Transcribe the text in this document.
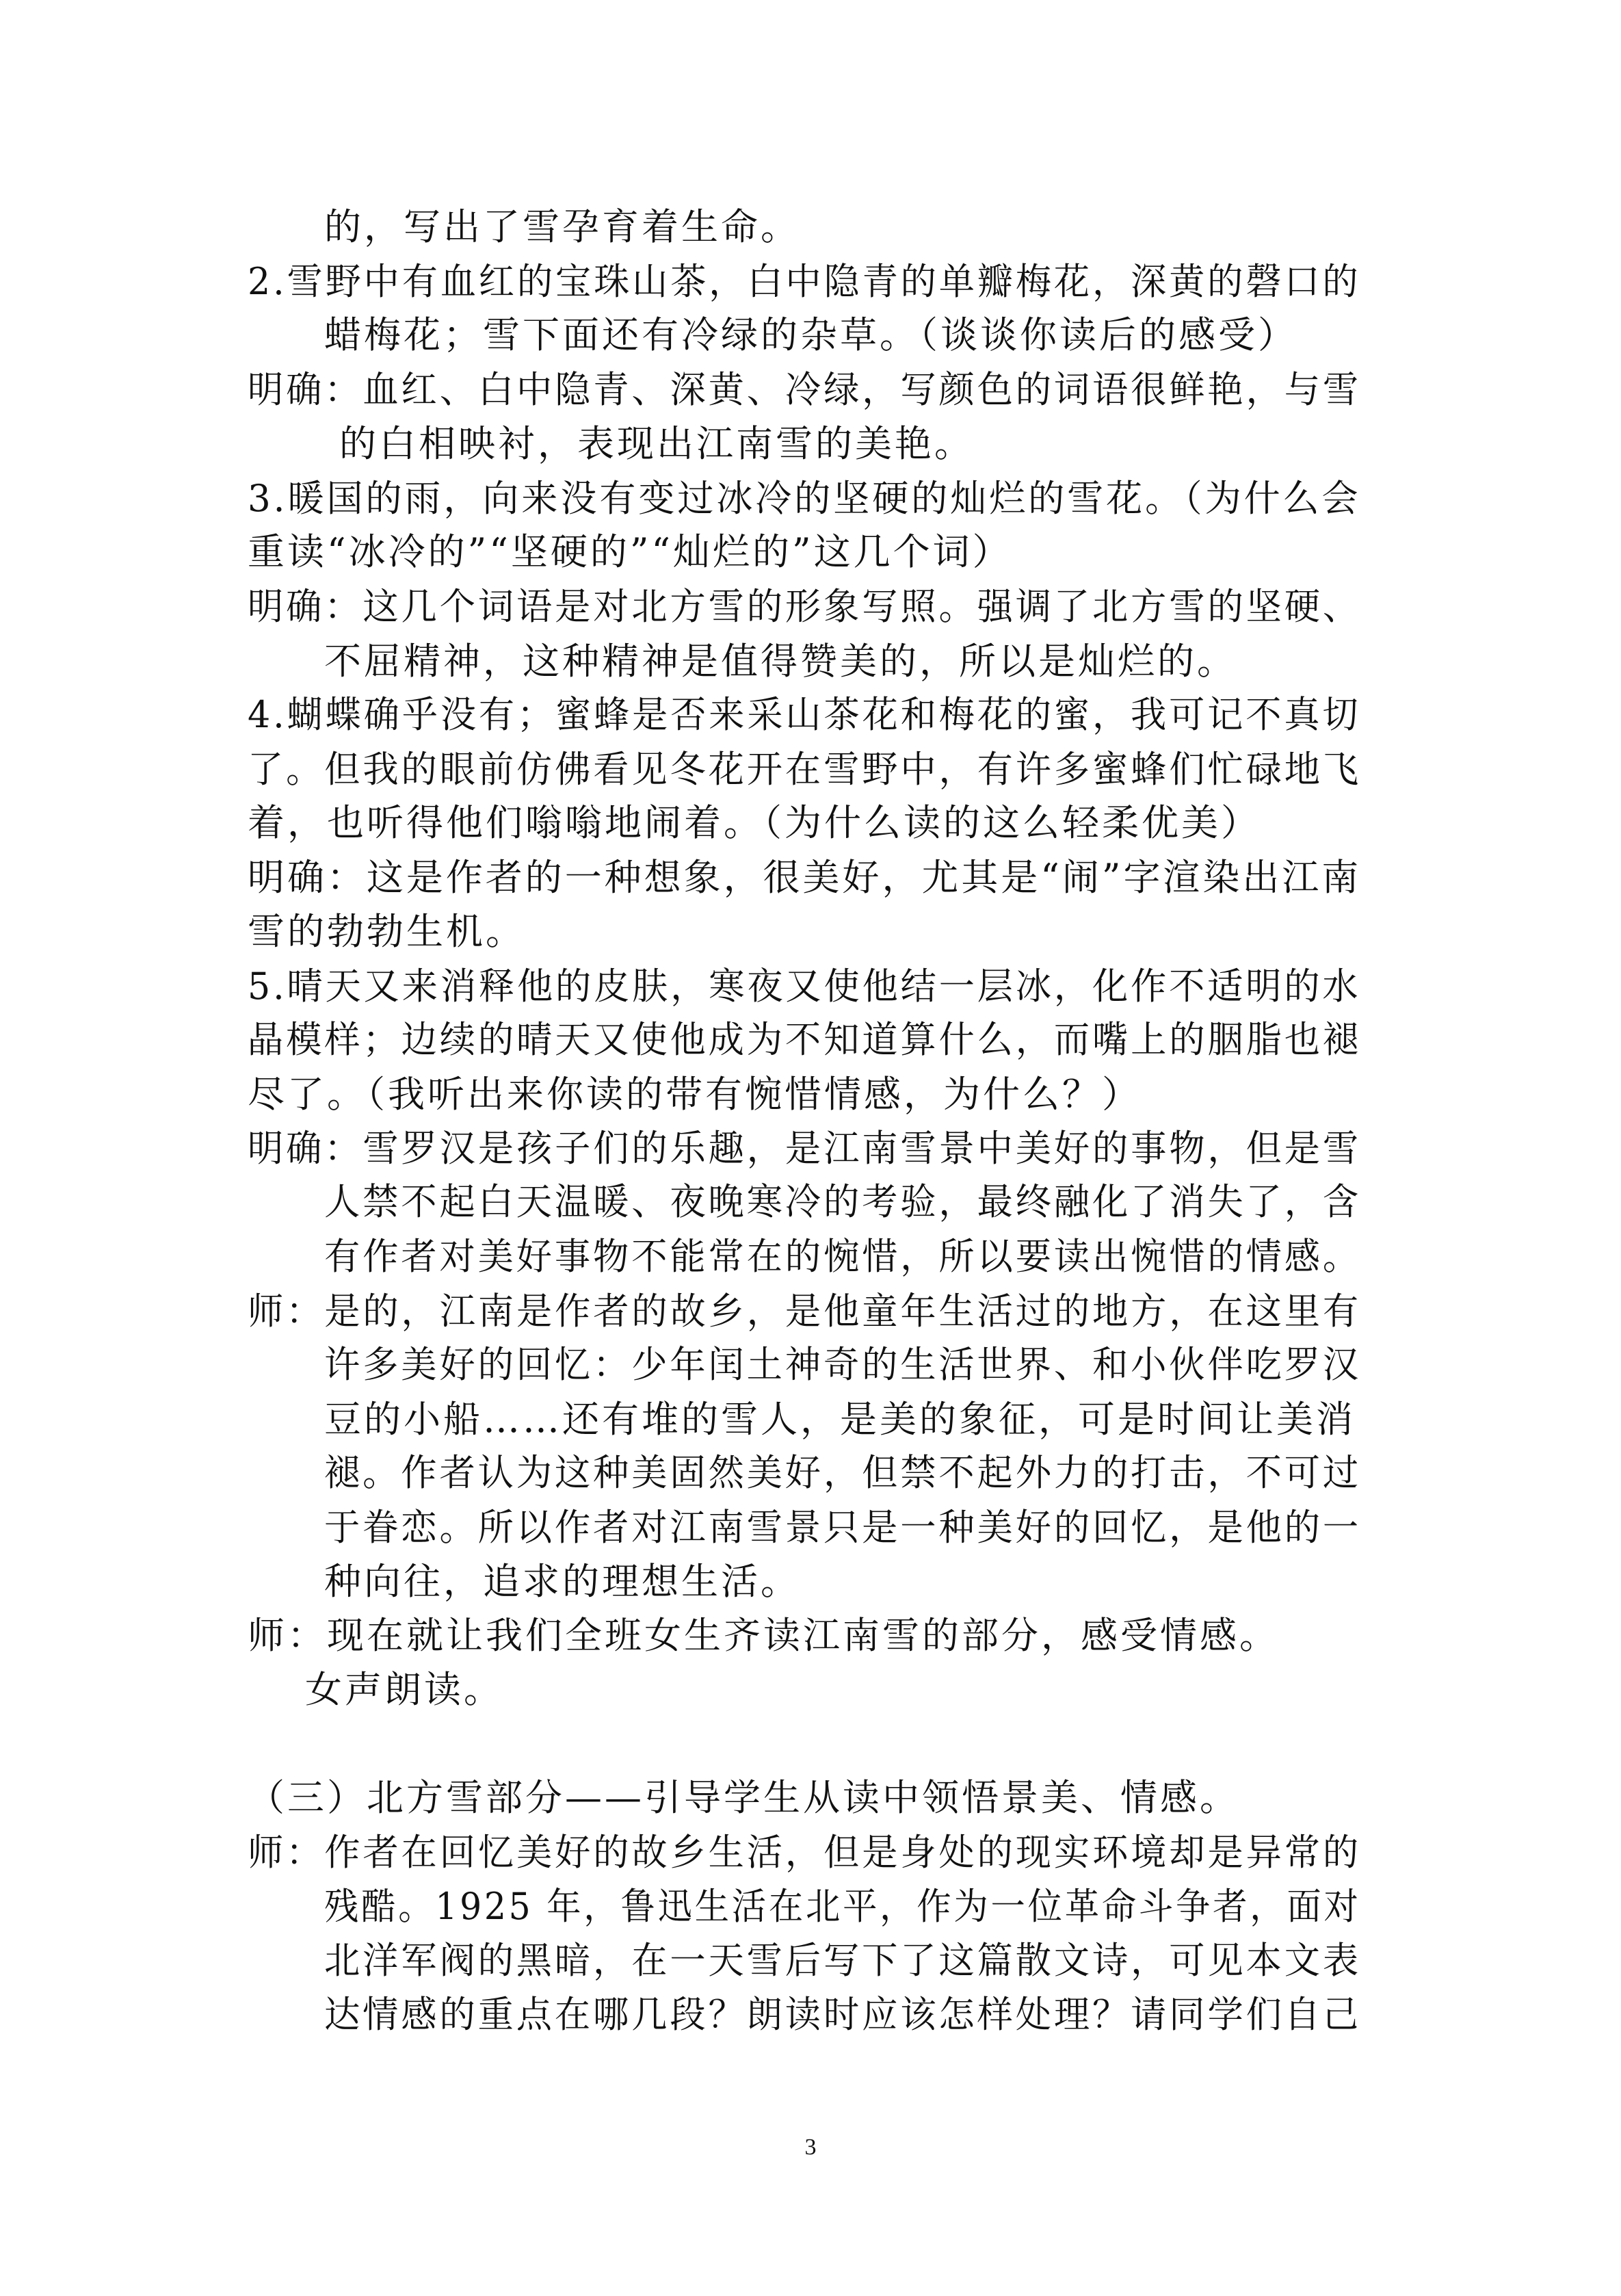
的，写出了雪孕育着生命。
2.雪野中有血红的宝珠山茶，白中隐青的单瓣梅花，深黄的磬口的
蜡梅花；雪下面还有冷绿的杂草。（谈谈你读后的感受）
明确：血红、白中隐青、深黄、冷绿，写颜色的词语很鲜艳，与雪
的白相映衬，表现出江南雪的美艳。
3.暖国的雨，向来没有变过冰冷的坚硬的灿烂的雪花。（为什么会
重读“冰冷的”“坚硬的”“灿烂的”这几个词）
明确：这几个词语是对北方雪的形象写照。强调了北方雪的坚硬、
不屈精神，这种精神是值得赞美的，所以是灿烂的。
4.蝴蝶确乎没有；蜜蜂是否来采山茶花和梅花的蜜，我可记不真切
了。但我的眼前仿佛看见冬花开在雪野中，有许多蜜蜂们忙碌地飞
着，也听得他们嗡嗡地闹着。（为什么读的这么轻柔优美）
明确：这是作者的一种想象，很美好，尤其是“闹”字渲染出江南
雪的勃勃生机。
5.晴天又来消释他的皮肤，寒夜又使他结一层冰，化作不适明的水
晶模样；边续的晴天又使他成为不知道算什么，而嘴上的胭脂也褪
尽了。（我听出来你读的带有惋惜情感，为什么？）
明确：雪罗汉是孩子们的乐趣，是江南雪景中美好的事物，但是雪
人禁不起白天温暖、夜晚寒冷的考验，最终融化了消失了，含
有作者对美好事物不能常在的惋惜，所以要读出惋惜的情感。
师：是的，江南是作者的故乡，是他童年生活过的地方，在这里有
许多美好的回忆：少年闰土神奇的生活世界、和小伙伴吃罗汉
豆的小船……还有堆的雪人，是美的象征，可是时间让美消
褪。作者认为这种美固然美好，但禁不起外力的打击，不可过
于眷恋。所以作者对江南雪景只是一种美好的回忆，是他的一
种向往，追求的理想生活。
师：现在就让我们全班女生齐读江南雪的部分，感受情感。
女声朗读。
（三）北方雪部分——引导学生从读中领悟景美、情感。
师：作者在回忆美好的故乡生活，但是身处的现实环境却是异常的
残酷。1925 年，鲁迅生活在北平，作为一位革命斗争者，面对
北洋军阀的黑暗，在一天雪后写下了这篇散文诗，可见本文表
达情感的重点在哪几段？朗读时应该怎样处理？请同学们自己
3
